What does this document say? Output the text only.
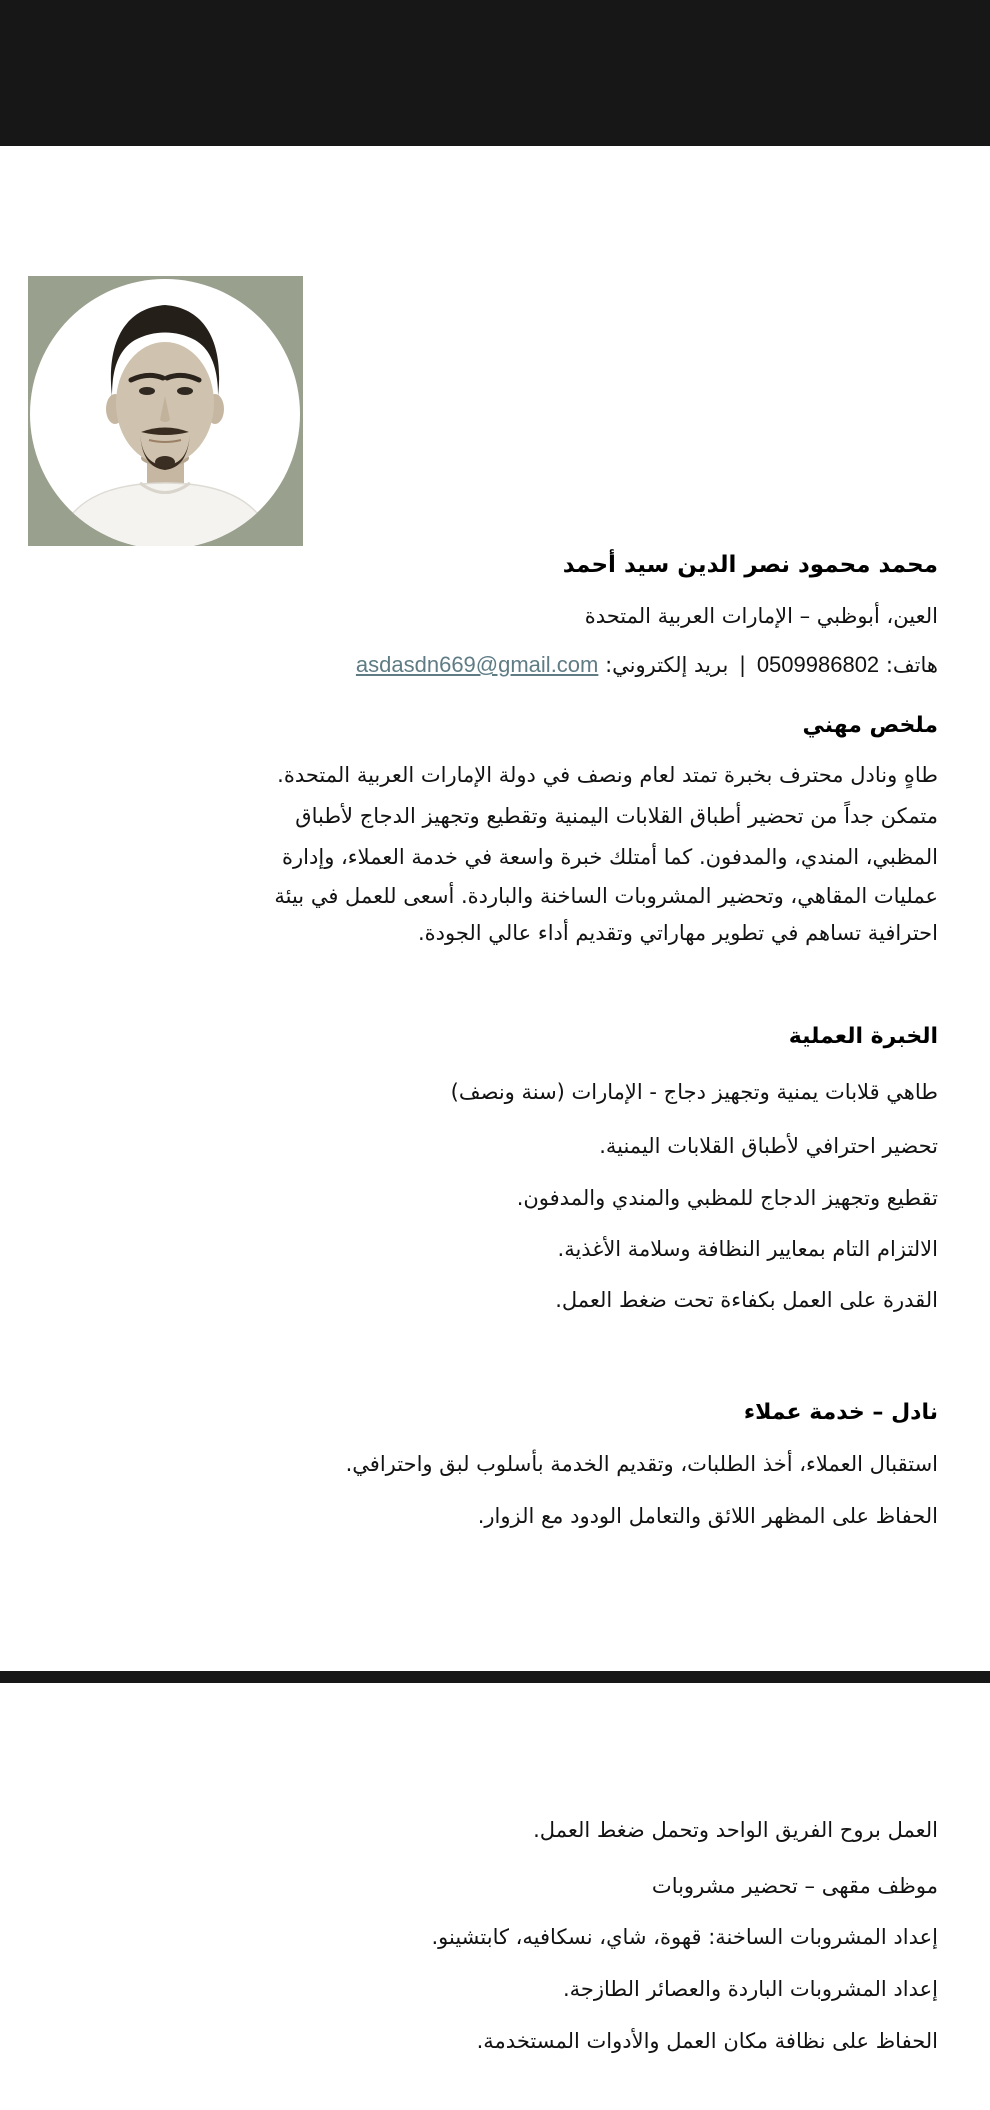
محمد محمود نصر الدين سيد أحمد
العين، أبوظبي – الإمارات العربية المتحدة
هاتف: 0509986802 | بريد إلكتروني: asdasdn669@gmail.com
ملخص مهني
طاهٍ ونادل محترف بخبرة تمتد لعام ونصف في دولة الإمارات العربية المتحدة.
متمكن جداً من تحضير أطباق القلابات اليمنية وتقطيع وتجهيز الدجاج لأطباق
المظبي، المندي، والمدفون. كما أمتلك خبرة واسعة في خدمة العملاء، وإدارة
عمليات المقاهي، وتحضير المشروبات الساخنة والباردة. أسعى للعمل في بيئة
احترافية تساهم في تطوير مهاراتي وتقديم أداء عالي الجودة.
الخبرة العملية
طاهي قلابات يمنية وتجهيز دجاج - الإمارات (سنة ونصف)
تحضير احترافي لأطباق القلابات اليمنية.
تقطيع وتجهيز الدجاج للمظبي والمندي والمدفون.
الالتزام التام بمعايير النظافة وسلامة الأغذية.
القدرة على العمل بكفاءة تحت ضغط العمل.
نادل – خدمة عملاء
استقبال العملاء، أخذ الطلبات، وتقديم الخدمة بأسلوب لبق واحترافي.
الحفاظ على المظهر اللائق والتعامل الودود مع الزوار.
العمل بروح الفريق الواحد وتحمل ضغط العمل.
موظف مقهى – تحضير مشروبات
إعداد المشروبات الساخنة: قهوة، شاي، نسكافيه، كابتشينو.
إعداد المشروبات الباردة والعصائر الطازجة.
الحفاظ على نظافة مكان العمل والأدوات المستخدمة.
